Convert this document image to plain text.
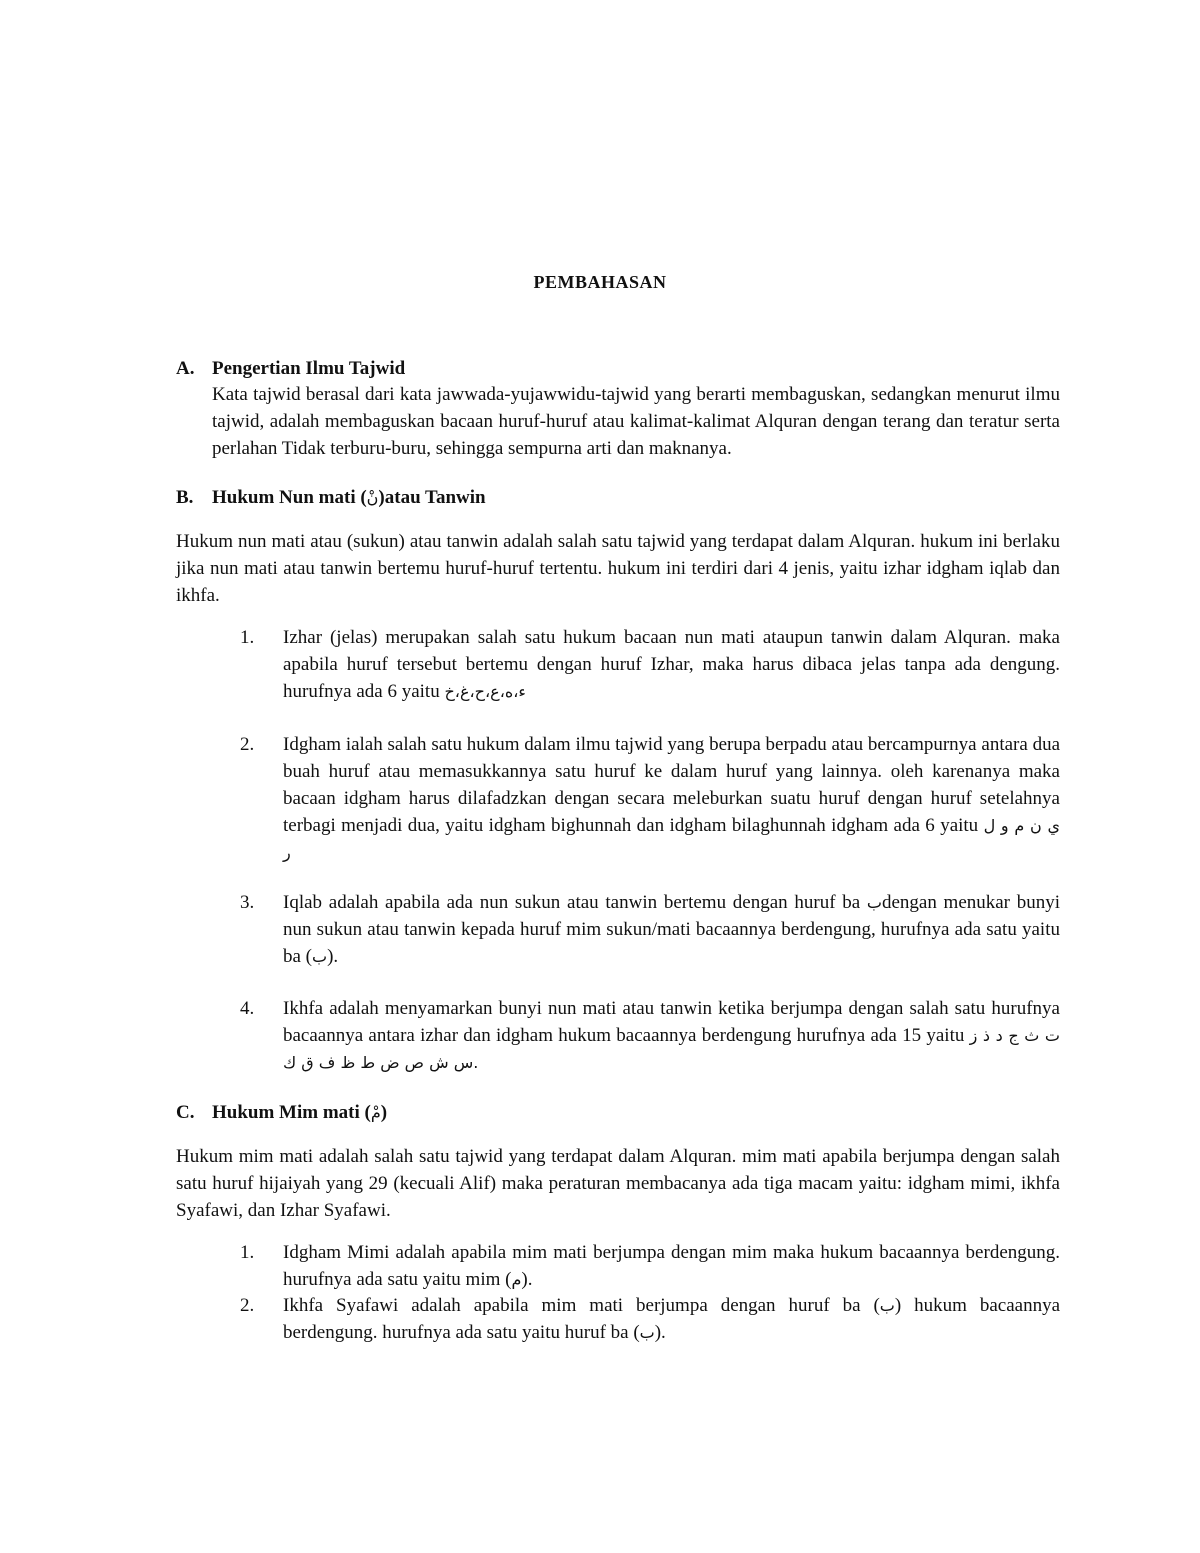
PEMBAHASAN
A. Pengertian Ilmu Tajwid
Kata tajwid berasal dari kata jawwada-yujawwidu-tajwid yang berarti membaguskan, sedangkan menurut ilmu tajwid, adalah membaguskan bacaan huruf-huruf atau kalimat-kalimat Alquran dengan terang dan teratur serta perlahan Tidak terburu-buru, sehingga sempurna arti dan maknanya.
B. Hukum Nun mati (نْ)atau Tanwin
Hukum nun mati atau (sukun) atau tanwin adalah salah satu tajwid yang terdapat dalam Alquran. hukum ini berlaku jika nun mati atau tanwin bertemu huruf-huruf tertentu. hukum ini terdiri dari 4 jenis, yaitu izhar idgham iqlab dan ikhfa.
1.	Izhar (jelas) merupakan salah satu hukum bacaan nun mati ataupun tanwin dalam Alquran. maka apabila huruf tersebut bertemu dengan huruf Izhar, maka harus dibaca jelas tanpa ada dengung. hurufnya ada 6 yaitu ء،ه،ع،ح،غ،خ
2.	Idgham ialah salah satu hukum dalam ilmu tajwid yang berupa berpadu atau bercampurnya antara dua buah huruf atau memasukkannya satu huruf ke dalam huruf yang lainnya. oleh karenanya maka bacaan idgham harus dilafadzkan dengan secara meleburkan suatu huruf dengan huruf setelahnya terbagi menjadi dua, yaitu idgham bighunnah dan idgham bilaghunnah idgham ada 6 yaitu ي ن م و ل ر
3.	Iqlab adalah apabila ada nun sukun atau tanwin bertemu dengan huruf ba بdengan menukar bunyi nun sukun atau tanwin kepada huruf mim sukun/mati bacaannya berdengung, hurufnya ada satu yaitu ba (ب).
4.	Ikhfa adalah menyamarkan bunyi nun mati atau tanwin ketika berjumpa dengan salah satu hurufnya bacaannya antara izhar dan idgham hukum bacaannya berdengung hurufnya ada 15 yaitu ت ث ج د ذ ز س ش ص ض ط ظ ف ق ك.
C. Hukum Mim mati (مْ)
Hukum mim mati adalah salah satu tajwid yang terdapat dalam Alquran. mim mati apabila berjumpa dengan salah satu huruf hijaiyah yang 29 (kecuali Alif) maka peraturan membacanya ada tiga macam yaitu: idgham mimi, ikhfa Syafawi, dan Izhar Syafawi.
1.	Idgham Mimi adalah apabila mim mati berjumpa dengan mim maka hukum bacaannya berdengung. hurufnya ada satu yaitu mim (م).
2.	Ikhfa Syafawi adalah apabila mim mati berjumpa dengan huruf ba (ب) hukum bacaannya berdengung. hurufnya ada satu yaitu huruf ba (ب).
